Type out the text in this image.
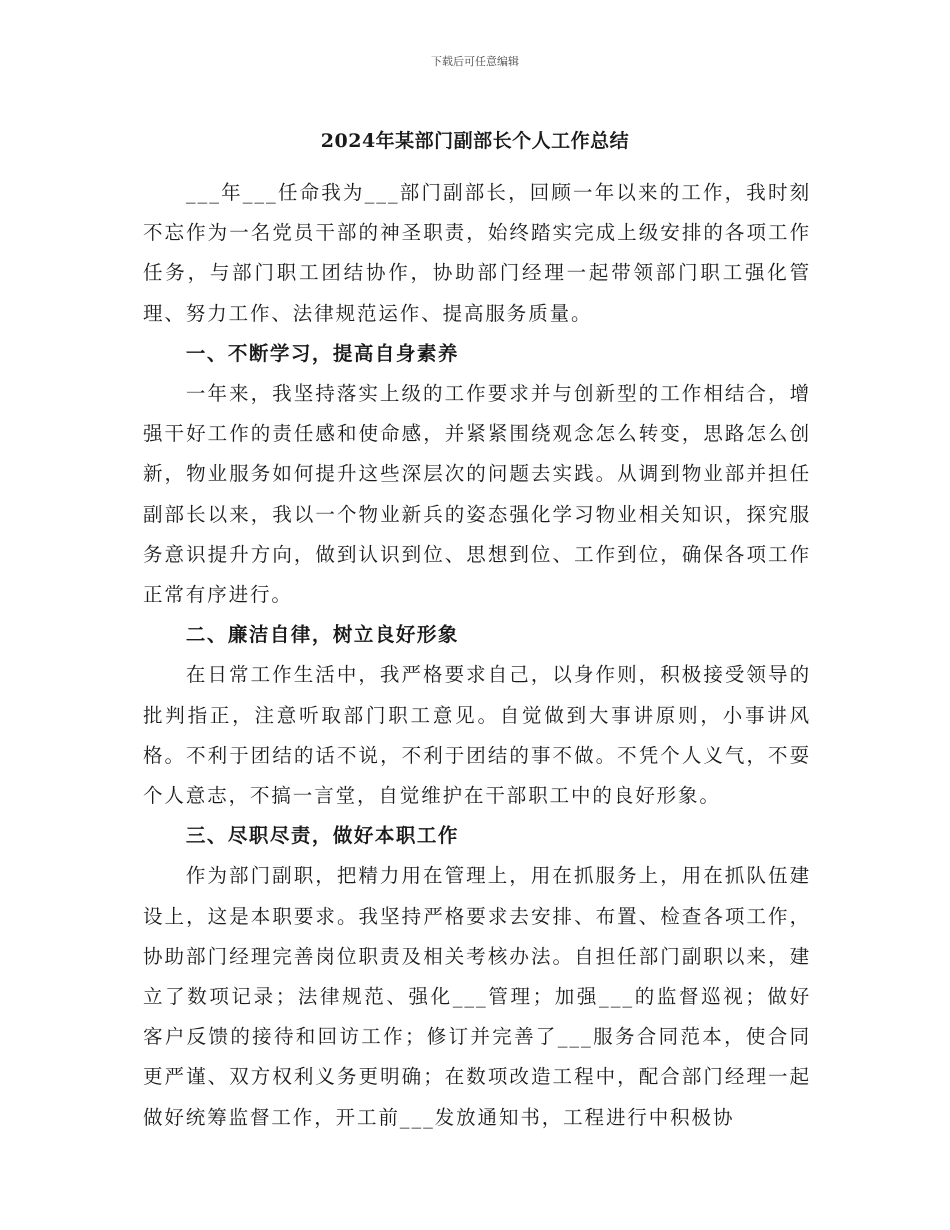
下载后可任意编辑
2024年某部门副部长个人工作总结

___年___任命我为___部门副部长，回顾一年以来的工作，我时刻不忘作为一名党员干部的神圣职责，始终踏实完成上级安排的各项工作任务，与部门职工团结协作，协助部门经理一起带领部门职工强化管理、努力工作、法律规范运作、提高服务质量。

一、不断学习，提高自身素养

一年来，我坚持落实上级的工作要求并与创新型的工作相结合，增强干好工作的责任感和使命感，并紧紧围绕观念怎么转变，思路怎么创新，物业服务如何提升这些深层次的问题去实践。从调到物业部并担任副部长以来，我以一个物业新兵的姿态强化学习物业相关知识，探究服务意识提升方向，做到认识到位、思想到位、工作到位，确保各项工作正常有序进行。

二、廉洁自律，树立良好形象

在日常工作生活中，我严格要求自己，以身作则，积极接受领导的批判指正，注意听取部门职工意见。自觉做到大事讲原则，小事讲风格。不利于团结的话不说，不利于团结的事不做。不凭个人义气，不耍个人意志，不搞一言堂，自觉维护在干部职工中的良好形象。

三、尽职尽责，做好本职工作

作为部门副职，把精力用在管理上，用在抓服务上，用在抓队伍建设上，这是本职要求。我坚持严格要求去安排、布置、检查各项工作，协助部门经理完善岗位职责及相关考核办法。自担任部门副职以来，建立了数项记录；法律规范、强化___管理；加强___的监督巡视；做好客户反馈的接待和回访工作；修订并完善了___服务合同范本，使合同更严谨、双方权利义务更明确；在数项改造工程中，配合部门经理一起做好统筹监督工作，开工前___发放通知书，工程进行中积极协
